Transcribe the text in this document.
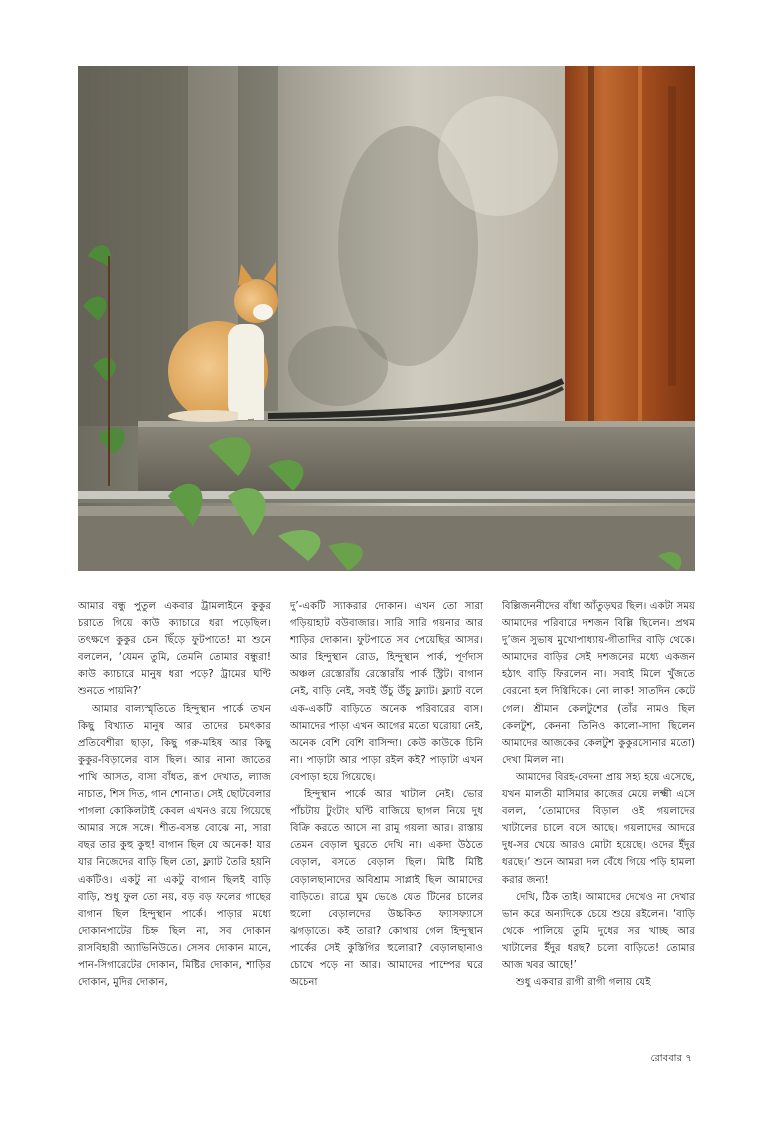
আমার বন্ধু পুতুল একবার ট্রামলাইনে কুকুর চরাতে গিয়ে কাউ ক্যাচারে ধরা পড়েছিল। তৎক্ষণে কুকুর চেন ছিঁড়ে ফুটপাতে! মা শুনে বললেন, ‘যেমন তুমি, তেমনি তোমার বন্ধুরা! কাউ ক্যাচারে মানুষ ধরা পড়ে? ট্রামের ঘণ্টি শুনতে পায়নি?’

আমার বাল্যস্মৃতিতে হিন্দুস্থান পার্কে তখন কিছু বিখ্যাত মানুষ আর তাদের চমৎকার প্রতিবেশীরা ছাড়া, কিছু গরু-মহিষ আর কিছু কুকুর-বিড়ালের বাস ছিল। আর নানা জাতের পাখি আসত, বাসা বাঁধত, রূপ দেখাত, ল্যাজ নাচাত, শিস দিত, গান শোনাত। সেই ছোটবেলার পাগলা কোকিলটাই কেবল এখনও রয়ে গিয়েছে আমার সঙ্গে সঙ্গে। শীত-বসন্ত বোঝে না, সারা বছর তার কুহু কুহু! বাগান ছিল যে অনেক! যার যার নিজেদের বাড়ি ছিল তো, ফ্ল্যাট তৈরি হয়নি একটিও। একটু না একটু বাগান ছিলই বাড়ি বাড়ি, শুধু ফুল তো নয়, বড় বড় ফলের গাছের বাগান ছিল হিন্দুস্থান পার্কে। পাড়ার মধ্যে দোকানপাটের চিহ্ন ছিল না, সব দোকান রাসবিহারী অ্যাভিনিউতে। সেসব দোকান মানে, পান-সিগারেটের দোকান, মিষ্টির দোকান, শাড়ির দোকান, মুদির দোকান,

দু’-একটি স্যাকরার দোকান। এখন তো সারা গড়িয়াহাট বউবাজার। সারি সারি গয়নার আর শাড়ির দোকান। ফুটপাতে সব পেয়েছির আসর। আর হিন্দুস্থান রোড, হিন্দুস্থান পার্ক, পূর্ণদাস অঞ্চল রেস্তোরাঁয় রেস্তোরাঁয় পার্ক স্ট্রিট। বাগান নেই, বাড়ি নেই, সবই উঁচু উঁচু ফ্ল্যাট। ফ্ল্যাট বলে এক-একটি বাড়িতে অনেক পরিবারের বাস। আমাদের পাড়া এখন আগের মতো ঘরোয়া নেই, অনেক বেশি বেশি বাসিন্দা। কেউ কাউকে চিনি না। পাড়াটা আর পাড়া রইল কই? পাড়াটা এখন বেপাড়া হয়ে গিয়েছে।

হিন্দুস্থান পার্কে আর খাটাল নেই। ভোর পাঁচটায় টুংটাং ঘণ্টি বাজিয়ে ছাগল নিয়ে দুধ বিক্রি করতে আসে না রামু গয়লা আর। রাস্তায় তেমন বেড়াল ঘুরতে দেখি না। একদা উঠতে বেড়াল, বসতে বেড়াল ছিল। মিষ্টি মিষ্টি বেড়ালছানাদের অবিশ্রাম সাপ্লাই ছিল আমাদের বাড়িতে। রাত্রে ঘুম ভেঙে যেত টিনের চালের হুলো বেড়ালদের উচ্চকিত ফ্যাসফ্যাসে ঝগড়াতে। কই তারা? কোথায় গেল হিন্দুস্থান পার্কের সেই কুস্তিগির হুলোরা? বেড়ালছানাও চোখে পড়ে না আর। আমাদের পাম্পের ঘরে অচেনা

বিল্লিজননীদের বাঁধা আঁতুড়ঘর ছিল। একটা সময় আমাদের পরিবারে দশজন বিল্লি ছিলেন। প্রথম দু’জন সুভাষ মুখোপাধ্যায়-গীতাদির বাড়ি থেকে। আমাদের বাড়ির সেই দশজনের মধ্যে একজন হঠাৎ বাড়ি ফিরলেন না। সবাই মিলে খুঁজতে বেরনো হল দিগ্বিদিকে। নো লাক! সাতদিন কেটে গেল। শ্রীমান কেলটুশের (তাঁর নামও ছিল কেলটুশ, কেননা তিনিও কালো-সাদা ছিলেন আমাদের আজকের কেলটুশ কুকুরসোনার মতো) দেখা মিলল না।

আমাদের বিরহ-বেদনা প্রায় সহ্য হয়ে এসেছে, যখন মালতী মাসিমার কাজের মেয়ে লক্ষ্মী এসে বলল, ‘তোমাদের বিড়াল ওই গয়লাদের খাটালের চালে বসে আছে। গয়লাদের আদরে দুধ-সর খেয়ে আরও মোটা হয়েছে। ওদের ইঁদুর ধরছে।’ শুনে আমরা দল বেঁধে গিয়ে পড়ি হামলা করার জন্য!

দেখি, ঠিক তাই। আমাদের দেখেও না দেখার ভান করে অন্যদিকে চেয়ে শুয়ে রইলেন। ‘বাড়ি থেকে পালিয়ে তুমি দুধের সর খাচ্ছ আর খাটালের ইঁদুর ধরছ? চলো বাড়িতে! তোমার আজ খবর আছে!’

শুধু একবার রাগী রাগী গলায় যেই

রোববার ৭
